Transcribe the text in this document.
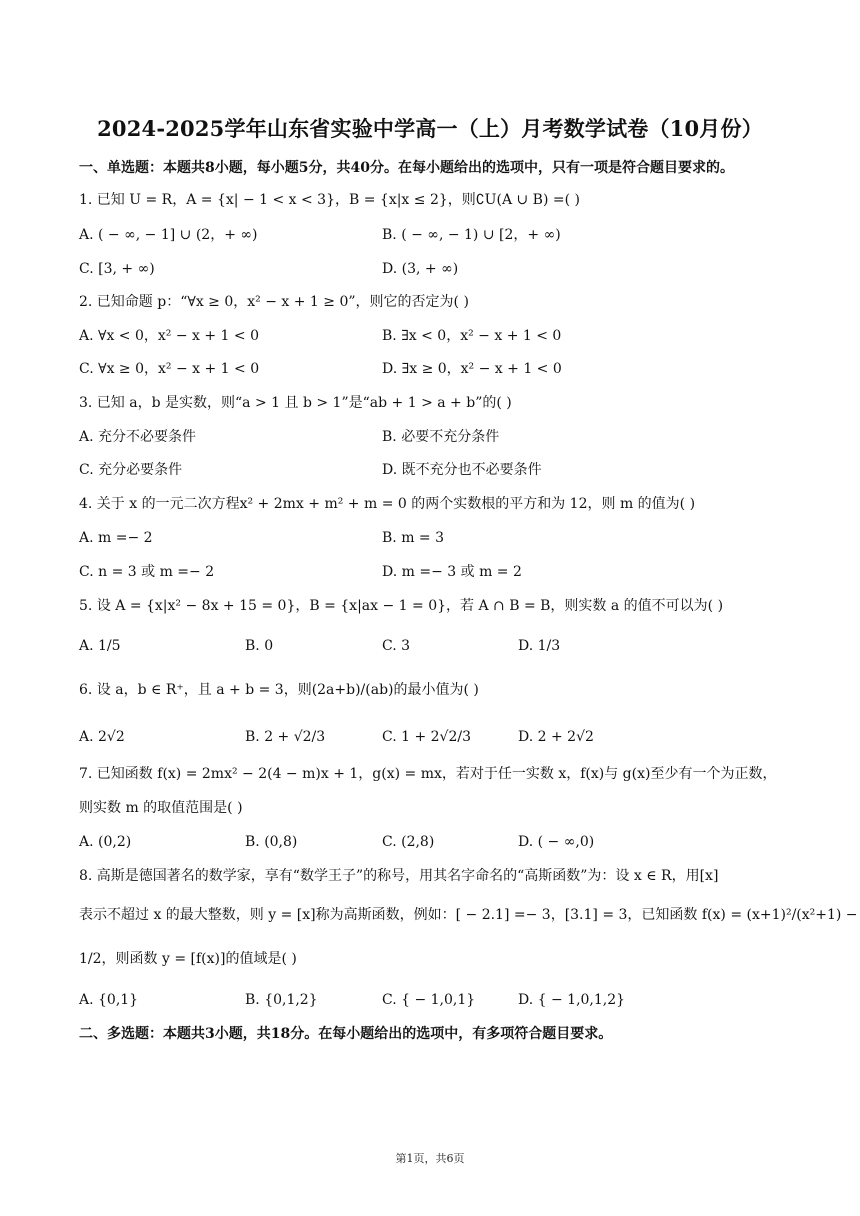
2024-2025学年山东省实验中学高一（上）月考数学试卷（10月份）
一、单选题：本题共8小题，每小题5分，共40分。在每小题给出的选项中，只有一项是符合题目要求的。
1. 已知 U = R，A = {x| − 1 < x < 3}，B = {x|x ≤ 2}，则∁U(A ∪ B) =( )
A. ( − ∞, − 1] ∪ (2，+ ∞)	B. ( − ∞, − 1) ∪ [2，+ ∞)
C. [3, + ∞)	D. (3, + ∞)
2. 已知命题 p：“∀x ≥ 0，x² − x + 1 ≥ 0”，则它的否定为( )
A. ∀x < 0，x² − x + 1 < 0	B. ∃x < 0，x² − x + 1 < 0
C. ∀x ≥ 0，x² − x + 1 < 0	D. ∃x ≥ 0，x² − x + 1 < 0
3. 已知 a，b 是实数，则“a > 1 且 b > 1”是“ab + 1 > a + b”的( )
A. 充分不必要条件	B. 必要不充分条件
C. 充分必要条件	D. 既不充分也不必要条件
4. 关于 x 的一元二次方程x² + 2mx + m² + m = 0 的两个实数根的平方和为 12，则 m 的值为( )
A. m =− 2	B. m = 3
C. n = 3 或 m =− 2	D. m =− 3 或 m = 2
5. 设 A = {x|x² − 8x + 15 = 0}，B = {x|ax − 1 = 0}，若 A ∩ B = B，则实数 a 的值不可以为( )
A. 1/5	B. 0	C. 3	D. 1/3
6. 设 a，b ∈ R⁺，且 a + b = 3，则(2a+b)/(ab)的最小值为( )
A. 2√2	B. 2 + √2/3	C. 1 + 2√2/3	D. 2 + 2√2
7. 已知函数 f(x) = 2mx² − 2(4 − m)x + 1，g(x) = mx，若对于任一实数 x，f(x)与 g(x)至少有一个为正数，
则实数 m 的取值范围是( )
A. (0,2)	B. (0,8)	C. (2,8)	D. ( − ∞,0)
8. 高斯是德国著名的数学家，享有“数学王子”的称号，用其名字命名的“高斯函数”为：设 x ∈ R，用[x]
表示不超过 x 的最大整数，则 y = [x]称为高斯函数，例如：[ − 2.1] =− 3，[3.1] = 3，已知函数 f(x) = (x+1)²/(x²+1) −
1/2，则函数 y = [f(x)]的值域是( )
A. {0,1}	B. {0,1,2}	C. { − 1,0,1}	D. { − 1,0,1,2}
二、多选题：本题共3小题，共18分。在每小题给出的选项中，有多项符合题目要求。
第1页，共6页
